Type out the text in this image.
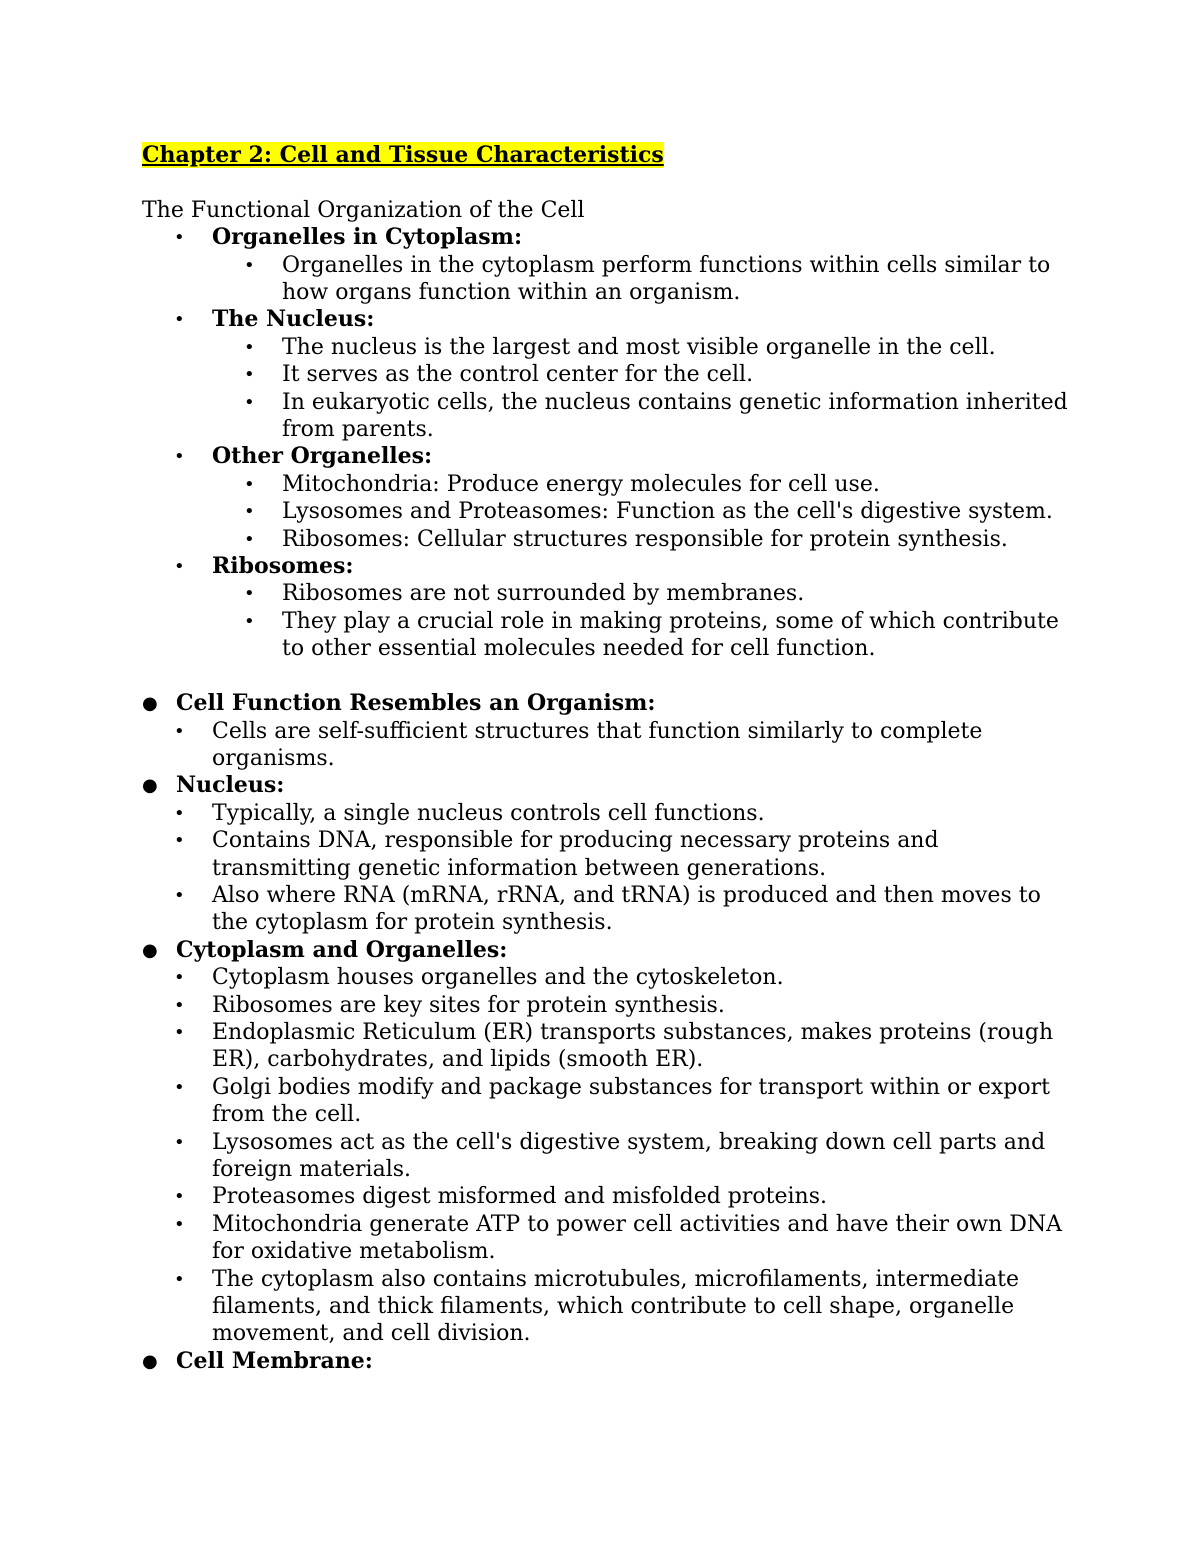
Chapter 2: Cell and Tissue Characteristics
The Functional Organization of the Cell
• Organelles in Cytoplasm:
• Organelles in the cytoplasm perform functions within cells similar to how organs function within an organism.
• The Nucleus:
• The nucleus is the largest and most visible organelle in the cell.
• It serves as the control center for the cell.
• In eukaryotic cells, the nucleus contains genetic information inherited from parents.
• Other Organelles:
• Mitochondria: Produce energy molecules for cell use.
• Lysosomes and Proteasomes: Function as the cell's digestive system.
• Ribosomes: Cellular structures responsible for protein synthesis.
• Ribosomes:
• Ribosomes are not surrounded by membranes.
• They play a crucial role in making proteins, some of which contribute to other essential molecules needed for cell function.
● Cell Function Resembles an Organism:
• Cells are self-sufficient structures that function similarly to complete organisms.
● Nucleus:
• Typically, a single nucleus controls cell functions.
• Contains DNA, responsible for producing necessary proteins and transmitting genetic information between generations.
• Also where RNA (mRNA, rRNA, and tRNA) is produced and then moves to the cytoplasm for protein synthesis.
● Cytoplasm and Organelles:
• Cytoplasm houses organelles and the cytoskeleton.
• Ribosomes are key sites for protein synthesis.
• Endoplasmic Reticulum (ER) transports substances, makes proteins (rough ER), carbohydrates, and lipids (smooth ER).
• Golgi bodies modify and package substances for transport within or export from the cell.
• Lysosomes act as the cell's digestive system, breaking down cell parts and foreign materials.
• Proteasomes digest misformed and misfolded proteins.
• Mitochondria generate ATP to power cell activities and have their own DNA for oxidative metabolism.
• The cytoplasm also contains microtubules, microfilaments, intermediate filaments, and thick filaments, which contribute to cell shape, organelle movement, and cell division.
● Cell Membrane:
